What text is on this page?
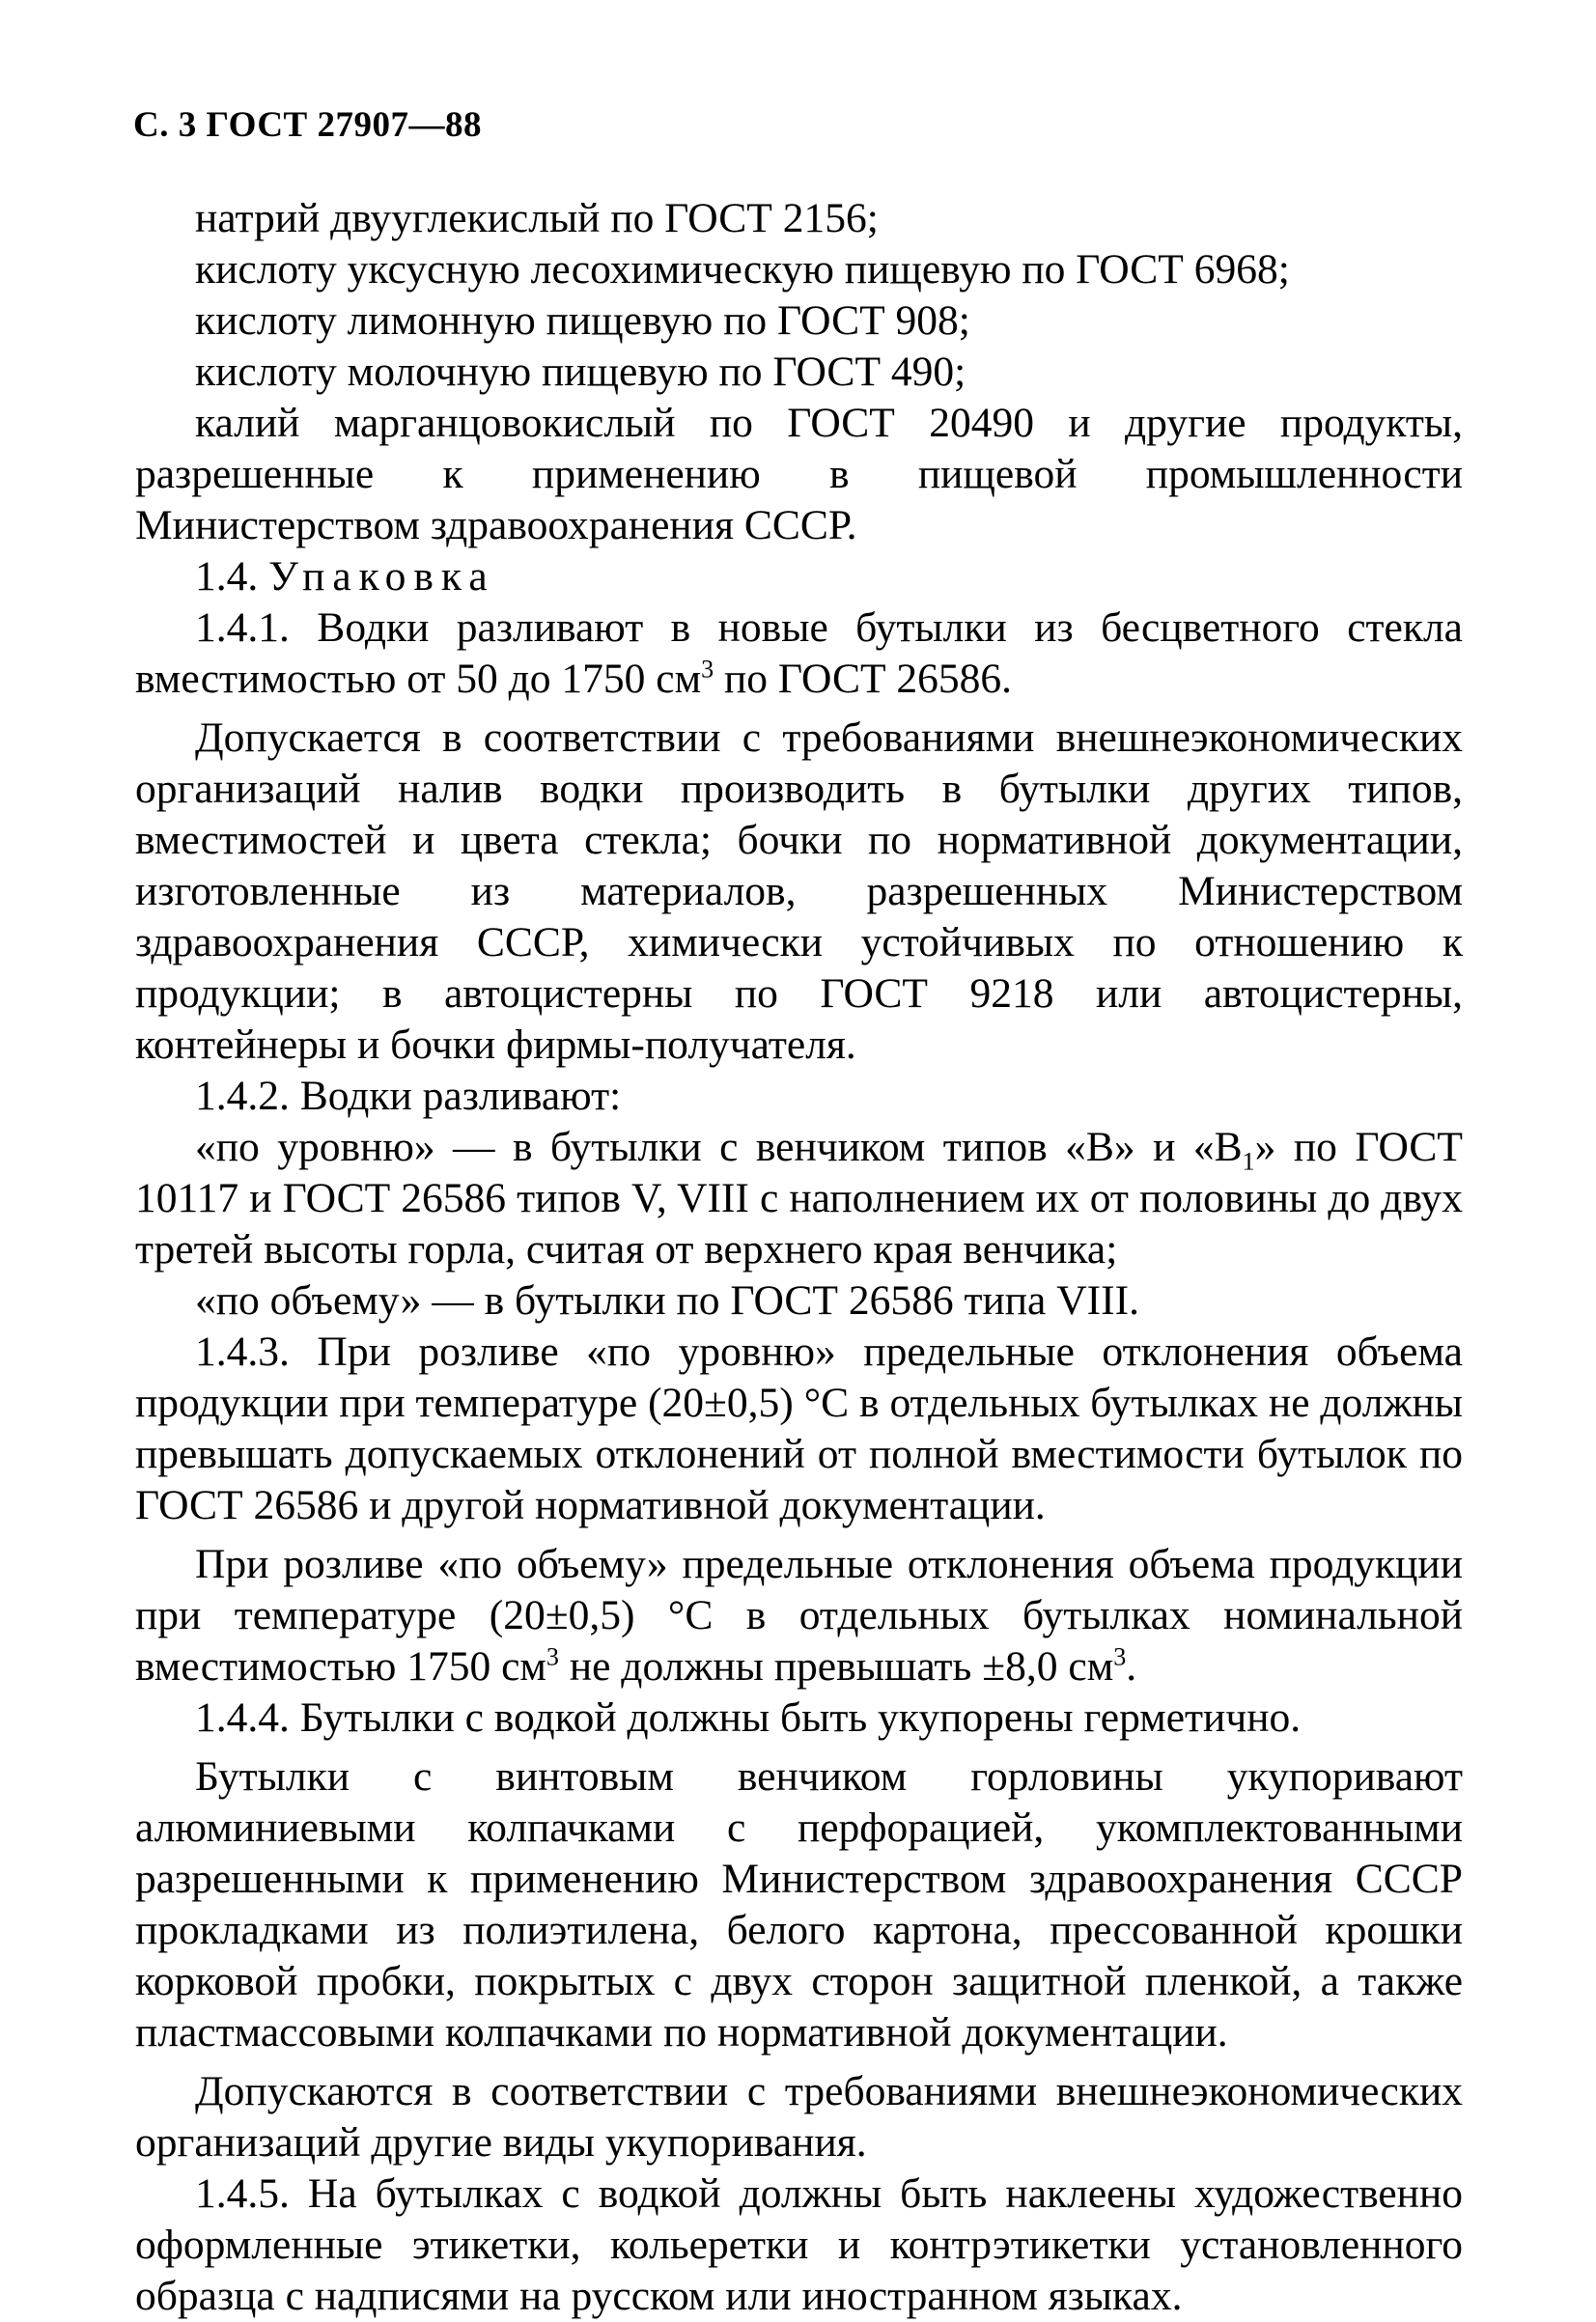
С. 3 ГОСТ 27907—88

натрий двууглекислый по ГОСТ 2156;

кислоту уксусную лесохимическую пищевую по ГОСТ 6968;

кислоту лимонную пищевую по ГОСТ 908;

кислоту молочную пищевую по ГОСТ 490;

калий марганцовокислый по ГОСТ 20490 и другие продукты, разрешенные к применению в пищевой промышленности Министерством здравоохранения СССР.

1.4. Упаковка

1.4.1. Водки разливают в новые бутылки из бесцветного стекла вместимостью от 50 до 1750 $см^3$ по ГОСТ 26586.

Допускается в соответствии с требованиями внешнеэкономических организаций налив водки производить в бутылки других типов, вместимостей и цвета стекла; бочки по нормативной документации, изготовленные из материалов, разрешенных Министерством здравоохранения СССР, химически устойчивых по отношению к продукции; в автоцистерны по ГОСТ 9218 или автоцистерны, контейнеры и бочки фирмы-получателя.

1.4.2. Водки разливают:

«по уровню» — в бутылки с венчиком типов «В» и «$В_1$» по ГОСТ 10117 и ГОСТ 26586 типов V, VIII с наполнением их от половины до двух третей высоты горла, считая от верхнего края венчика;

«по объему» — в бутылки по ГОСТ 26586 типа VIII.

1.4.3. При розливе «по уровню» предельные отклонения объема продукции при температуре (20±0,5) °С в отдельных бутылках не должны превышать допускаемых отклонений от полной вместимости бутылок по ГОСТ 26586 и другой нормативной документации.

При розливе «по объему» предельные отклонения объема продукции при температуре (20±0,5) °С в отдельных бутылках номинальной вместимостью 1750 $см^3$ не должны превышать ±8,0 $см^3$.

1.4.4. Бутылки с водкой должны быть укупорены герметично.

Бутылки с винтовым венчиком горловины укупоривают алюминиевыми колпачками с перфорацией, укомплектованными разрешенными к применению Министерством здравоохранения СССР прокладками из полиэтилена, белого картона, прессованной крошки корковой пробки, покрытых с двух сторон защитной пленкой, а также пластмассовыми колпачками по нормативной документации.

Допускаются в соответствии с требованиями внешнеэкономических организаций другие виды укупоривания.

1.4.5. На бутылках с водкой должны быть наклеены художественно оформленные этикетки, кольеретки и контрэтикетки установленного образца с надписями на русском или иностранном языках.
